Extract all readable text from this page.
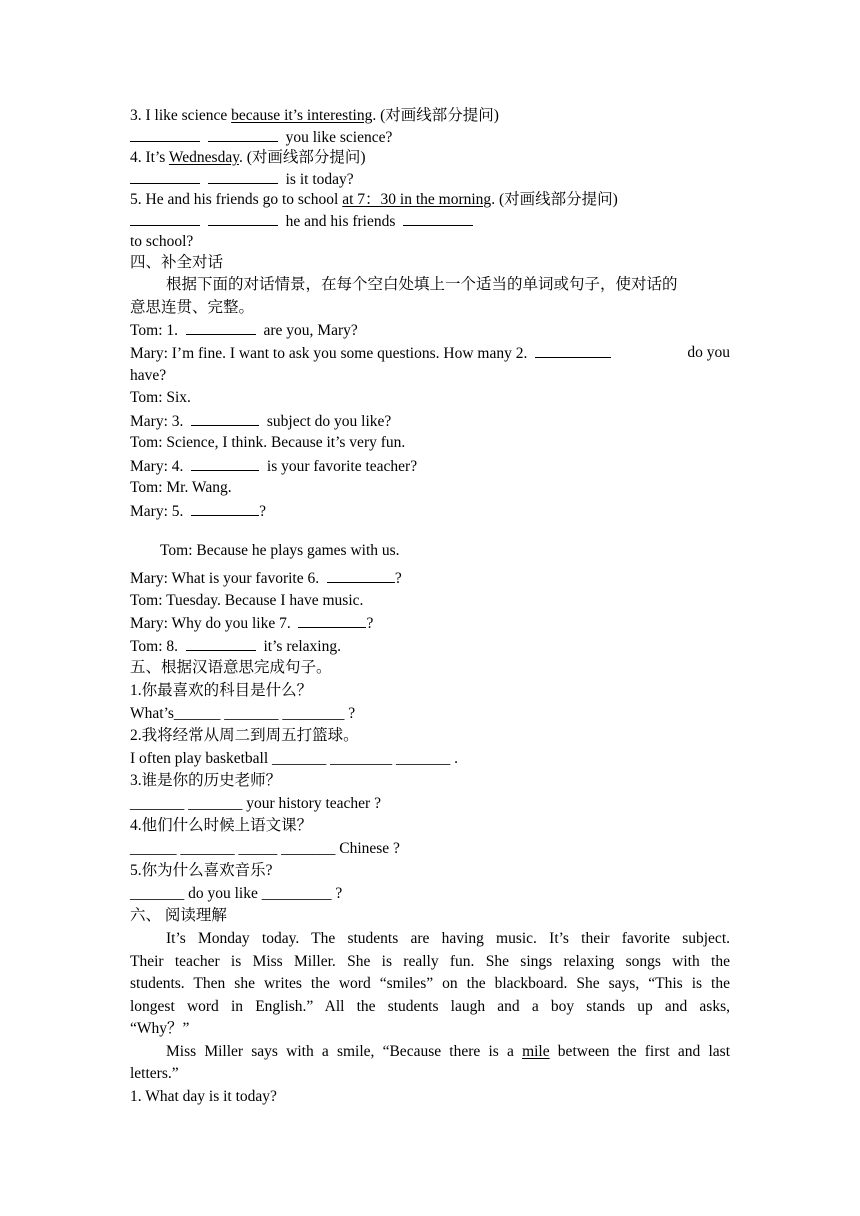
3. I like science because it’s interesting. (对画线部分提问)
you like science?
4. It’s Wednesday. (对画线部分提问)
is it today?
5. He and his friends go to school at 7：30 in the morning. (对画线部分提问)
he and his friends
to school?
四、补全对话
根据下面的对话情景，在每个空白处填上一个适当的单词或句子，使对话的
意思连贯、完整。
Tom: 1.	are you, Mary?
Mary: I’m fine. I want to ask you some questions. How many 2.	do you
have?
Tom: Six.
Mary: 3.	subject do you like?
Tom: Science, I think. Because it’s very fun.
Mary: 4.	is your favorite teacher?
Tom: Mr. Wang.
Mary: 5.	?
Tom: Because he plays games with us.
Mary: What is your favorite 6.	?
Tom: Tuesday. Because I have music.
Mary: Why do you like 7.	?
Tom: 8.	it’s relaxing.
五、根据汉语意思完成句子。
1.你最喜欢的科目是什么？
What’s______ _______ ________ ?
2.我将经常从周二到周五打篮球。
I often play basketball _______ ________ _______ .
3.谁是你的历史老师？
_______ _______ your history teacher ?
4.他们什么时候上语文课？
______ _______ _____ _______ Chinese ?
5.你为什么喜欢音乐?
_______ do you like _________ ?
六、 阅读理解
It’s Monday today. The students are having music. It’s their favorite subject.
Their teacher is Miss Miller. She is really fun. She sings relaxing songs with the
students. Then she writes the word “smiles” on the blackboard. She says, “This is the
longest word in English.” All the students laugh and a boy stands up and asks,
“Why？”
Miss Miller says with a smile, “Because there is a mile between the first and last
letters.”
1. What day is it today?
